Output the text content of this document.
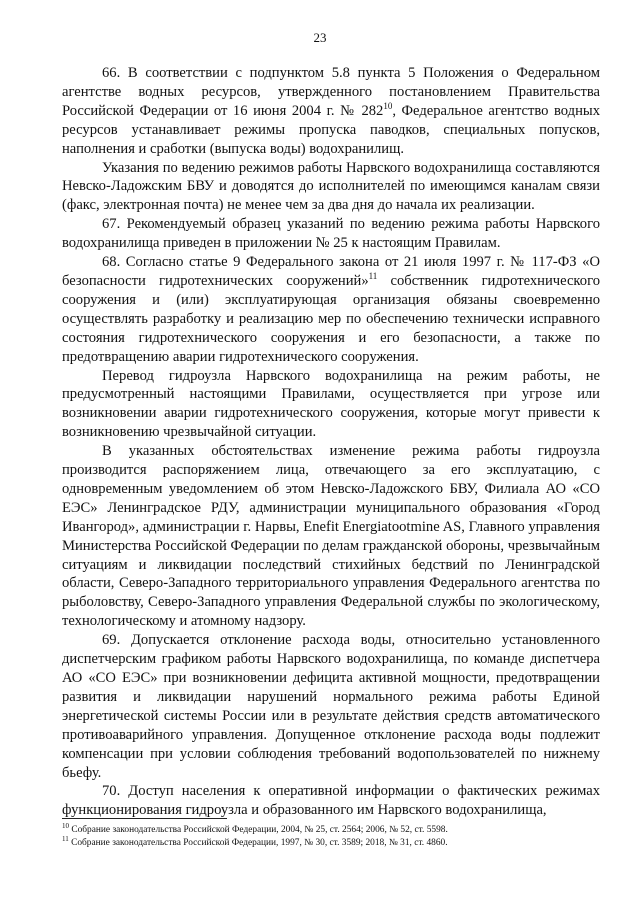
23

66. В соответствии с подпунктом 5.8 пункта 5 Положения о Федеральном агентстве водных ресурсов, утвержденного постановлением Правительства Российской Федерации от 16 июня 2004 г. № $282^{10}$, Федеральное агентство водных ресурсов устанавливает режимы пропуска паводков, специальных попусков, наполнения и сработки (выпуска воды) водохранилищ.

Указания по ведению режимов работы Нарвского водохранилища составляются Невско-Ладожским БВУ и доводятся до исполнителей по имеющимся каналам связи (факс, электронная почта) не менее чем за два дня до начала их реализации.

67. Рекомендуемый образец указаний по ведению режима работы Нарвского водохранилища приведен в приложении № 25 к настоящим Правилам.

68. Согласно статье 9 Федерального закона от 21 июля 1997 г. № 117-ФЗ «О безопасности гидротехнических сооружений»$^{11}$ собственник гидротехнического сооружения и (или) эксплуатирующая организация обязаны своевременно осуществлять разработку и реализацию мер по обеспечению технически исправного состояния гидротехнического сооружения и его безопасности, а также по предотвращению аварии гидротехнического сооружения.

Перевод гидроузла Нарвского водохранилища на режим работы, не предусмотренный настоящими Правилами, осуществляется при угрозе или возникновении аварии гидротехнического сооружения, которые могут привести к возникновению чрезвычайной ситуации.

В указанных обстоятельствах изменение режима работы гидроузла производится распоряжением лица, отвечающего за его эксплуатацию, с одновременным уведомлением об этом Невско-Ладожского БВУ, Филиала АО «СО ЕЭС» Ленинградское РДУ, администрации муниципального образования «Город Ивангород», администрации г. Нарвы, Enefit Energiatootmine AS, Главного управления Министерства Российской Федерации по делам гражданской обороны, чрезвычайным ситуациям и ликвидации последствий стихийных бедствий по Ленинградской области, Северо-Западного территориального управления Федерального агентства по рыболовству, Северо-Западного управления Федеральной службы по экологическому, технологическому и атомному надзору.

69. Допускается отклонение расхода воды, относительно установленного диспетчерским графиком работы Нарвского водохранилища, по команде диспетчера АО «СО ЕЭС» при возникновении дефицита активной мощности, предотвращении развития и ликвидации нарушений нормального режима работы Единой энергетической системы России или в результате действия средств автоматического противоаварийного управления. Допущенное отклонение расхода воды подлежит компенсации при условии соблюдения требований водопользователей по нижнему бьефу.

70. Доступ населения к оперативной информации о фактических режимах функционирования гидроузла и образованного им Нарвского водохранилища,

$^{10}$ Собрание законодательства Российской Федерации, 2004, № 25, ст. 2564; 2006, № 52, ст. 5598.
$^{11}$ Собрание законодательства Российской Федерации, 1997, № 30, ст. 3589; 2018, № 31, ст. 4860.
